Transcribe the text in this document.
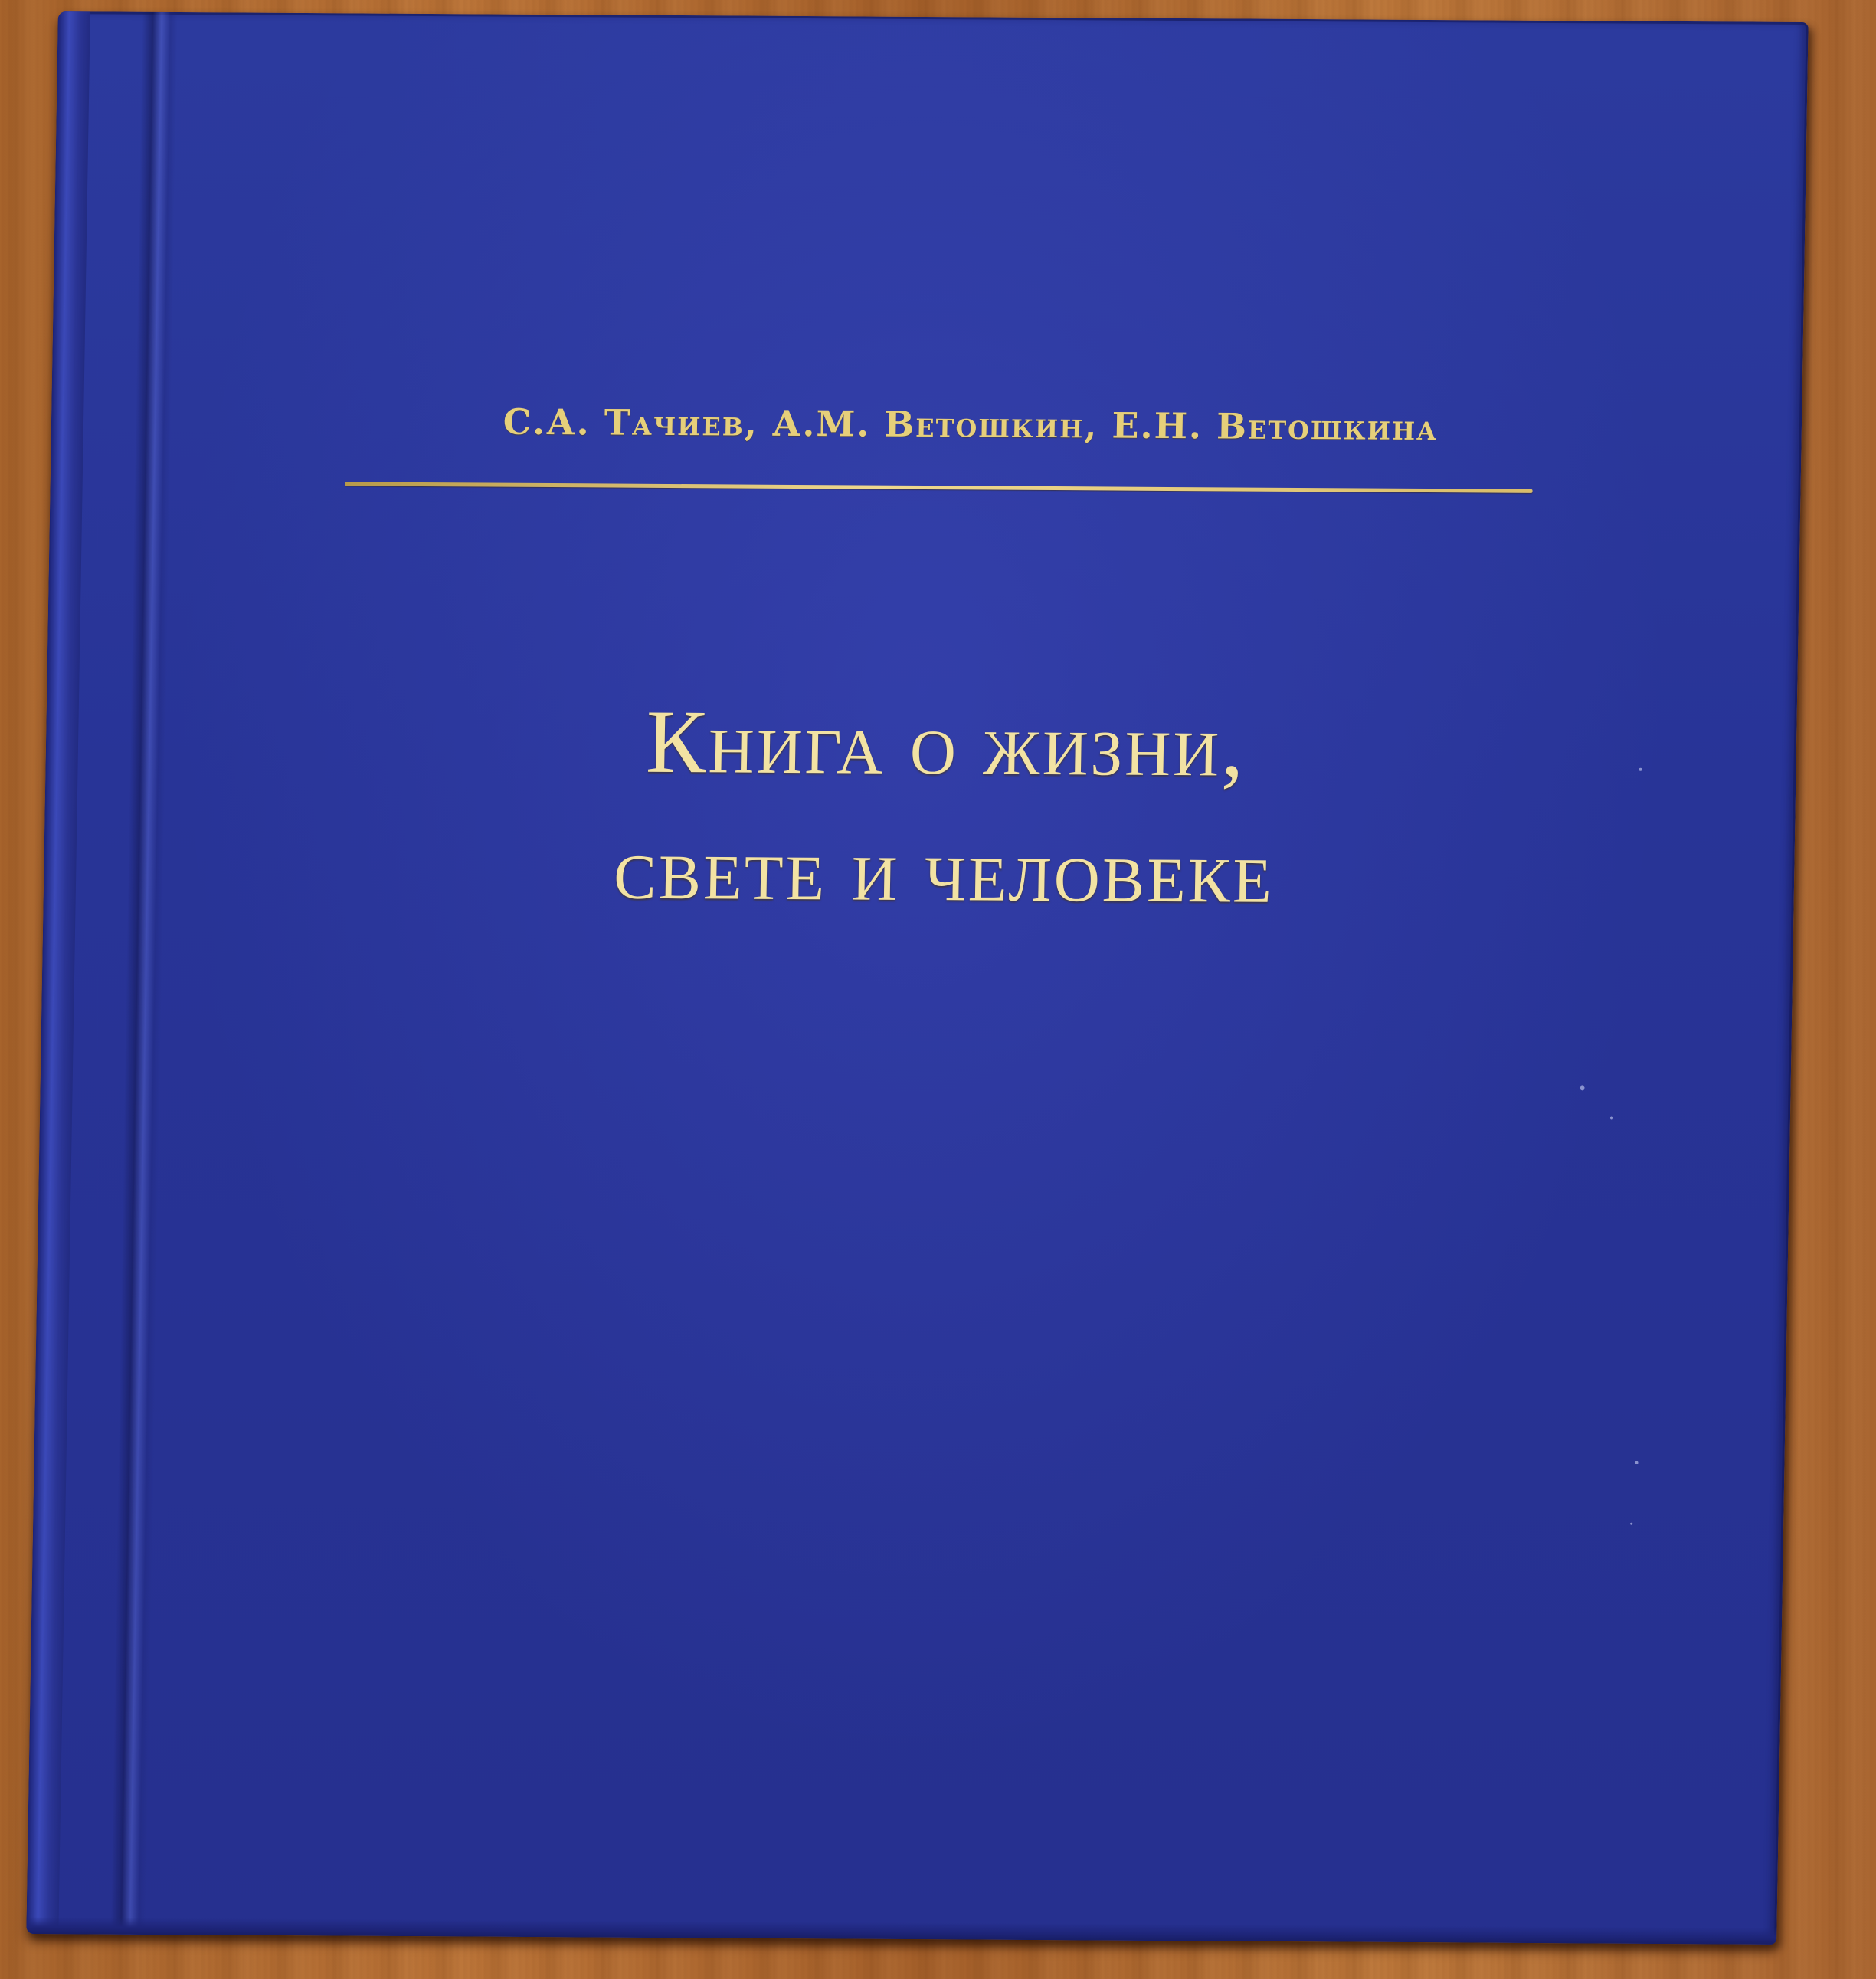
С.А. Тачиев, А.М. Ветошкин, Е.Н. Ветошкина
Книга о жизни,
свете и человеке
